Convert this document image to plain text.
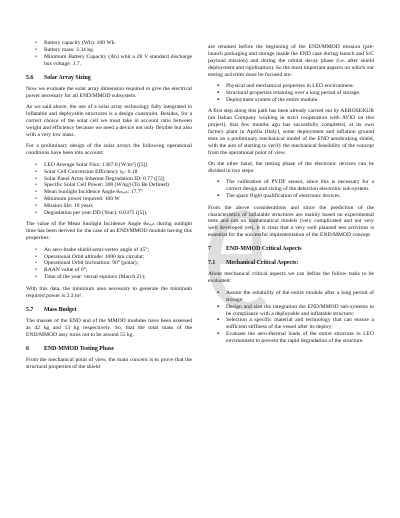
• Battery capacity (Wh): 100 Wh.
• Battery mass: 3.34 kg.
• Minimum Battery Capacity (Ah) whit a 28 V standard discharge bus voltage: 3.7.
5.6 Solar Array Sizing

Now we evaluate the solar array dimension required to give the electrical power necessary for all END/MMOD subsystem.

As we said above, the use of a solar array technology fully integrated in inflatable and deployable structures is a design constraint. Besides, for a correct choice of the solar cell we must take in account ratio between weight and efficiency because we need a device not only flexible but also with a very low mass.

For a preliminary design of the solar arrays the following operational conditions have been into account:

• LEO Average Solar Flux: 1367.0 [W/m²] ([5])
• Solar Cell Conversion Efficiency ηₛ: 0.18
• Solar Panel Array Inherent Degradation ID: 0.77 ([5])
• Specific Solar Cell Power: 300 (W/kg) (To Be Defined)
• Mean Sunlight Incidence Angle θₘₑₐₙ: 17.7°
• Minimum power required: 100 W
• Mission life: 10 years
• Degradation per year DD (Year): 0.0375 ([5]).

The value of the Mean Sunlight Incidence Angle θₘₑₐₙ during sunlight time has been derived for the case of an END/MMOD module having this properties:

• An aero-brake shield semi-vertex angle of 45°;
• Operational Orbit altitude: 1000 km circular;
• Operational Orbit Inclination: 90° (polar);
• RAAN value of 0°;
• Time of the year: vernal equinox (March 21);

With this data, the minimum area necessary to generate the minimum required power is 2.3 m².

5.7 Mass Budget

The masses of the END and of the MMOD modules have been assessed as 42 kg and 13 kg respectively. So, that the total mass of the END/MMOD assy turns out to be around 55 kg.

6	END-MMOD Testing Phase

From the mechanical point of view, the main concern is to prove that the structural properties of the shield

are retained before the beginning of the END/MMOD mission (pre-launch packaging and storage inside the END case during launch and S/C payload mission) and during the orbital decay phase (i.e. after shield deployment and rigidization). So the most important aspects on which our testing activities must be focused are:

▪ Physical and mechanical properties in LEO environment.
▪ Structural properties retaining over a long period of storage.
▪ Deployment system of the entire module.

A first step along this path has been already carried out by AEROSEKUR (an Italian Company working in strict cooperation with AVIO on this project), that few months ago has succesfully completed, at its own factory plant in Aprilia (Italy), some deployment and inflation ground tests on a preliminary mechanical model of the END aerobraking shield, with the aim of starting to verify the mechanical feasibility of the concept from the operational point of view.

On the other hand, the testing phase of the electronic devices can be divided in two steps:

▪ The calibration of PVDF sensor, since this is necessary for a correct design and sizing of the detection electronic sub-system.
▪ The space flight qualification of electronic devices.

From the above considerations and since the prediction of the characteristics of inflatable structures are mainly based on experimental tests and not on mathematical models (very complicated and not very well developed yet), it is clear that a very well planned test activities is essential for the successful implementation of the END/MMOD concept.

7	END-MMOD Critical Aspects
7.1 Mechanical Critical Aspects:

About mechanical critical aspects we can define the follow tasks to be evaluated:

▪ Assure the reliability of the entire module after a long period of storage;
▪ Design and size the integration the END/MMOD sub-systems to be compliance with a deployable and inflatable structure;
▪ Selection a specific material and technology that can ensure a sufficient stiffness of the vessel after its deploy;
▪ Evaluate the aero-thermal loads of the entire structure in LEO environment to prevent the rapid degradation of the structure.
